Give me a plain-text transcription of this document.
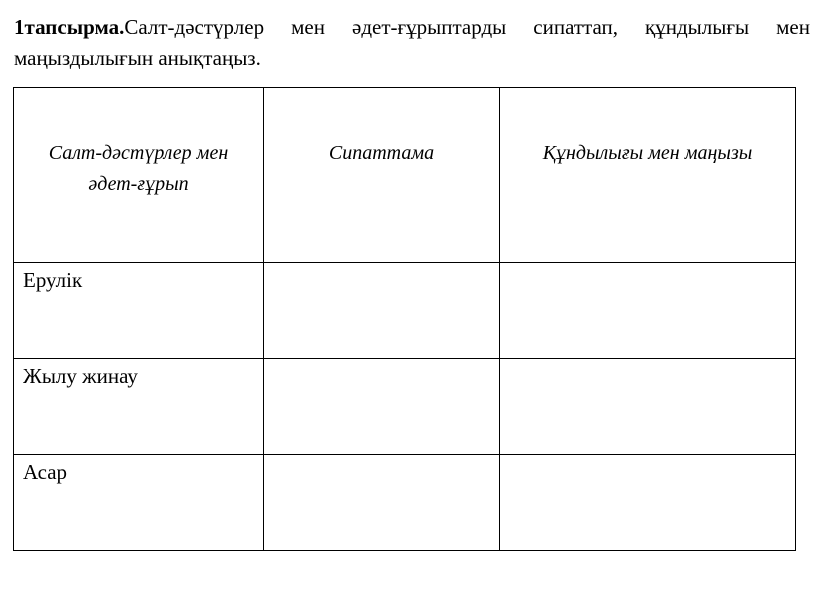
1тапсырма.Салт-дәстүрлер мен әдет-ғұрыптарды сипаттап, құндылығы мен маңыздылығын анықтаңыз.
Салт-дәстүрлер мен әдет-ғұрып	Сипаттама	Құндылығы мен маңызы

Ерулік		

Жылу жинау		

Асар		
